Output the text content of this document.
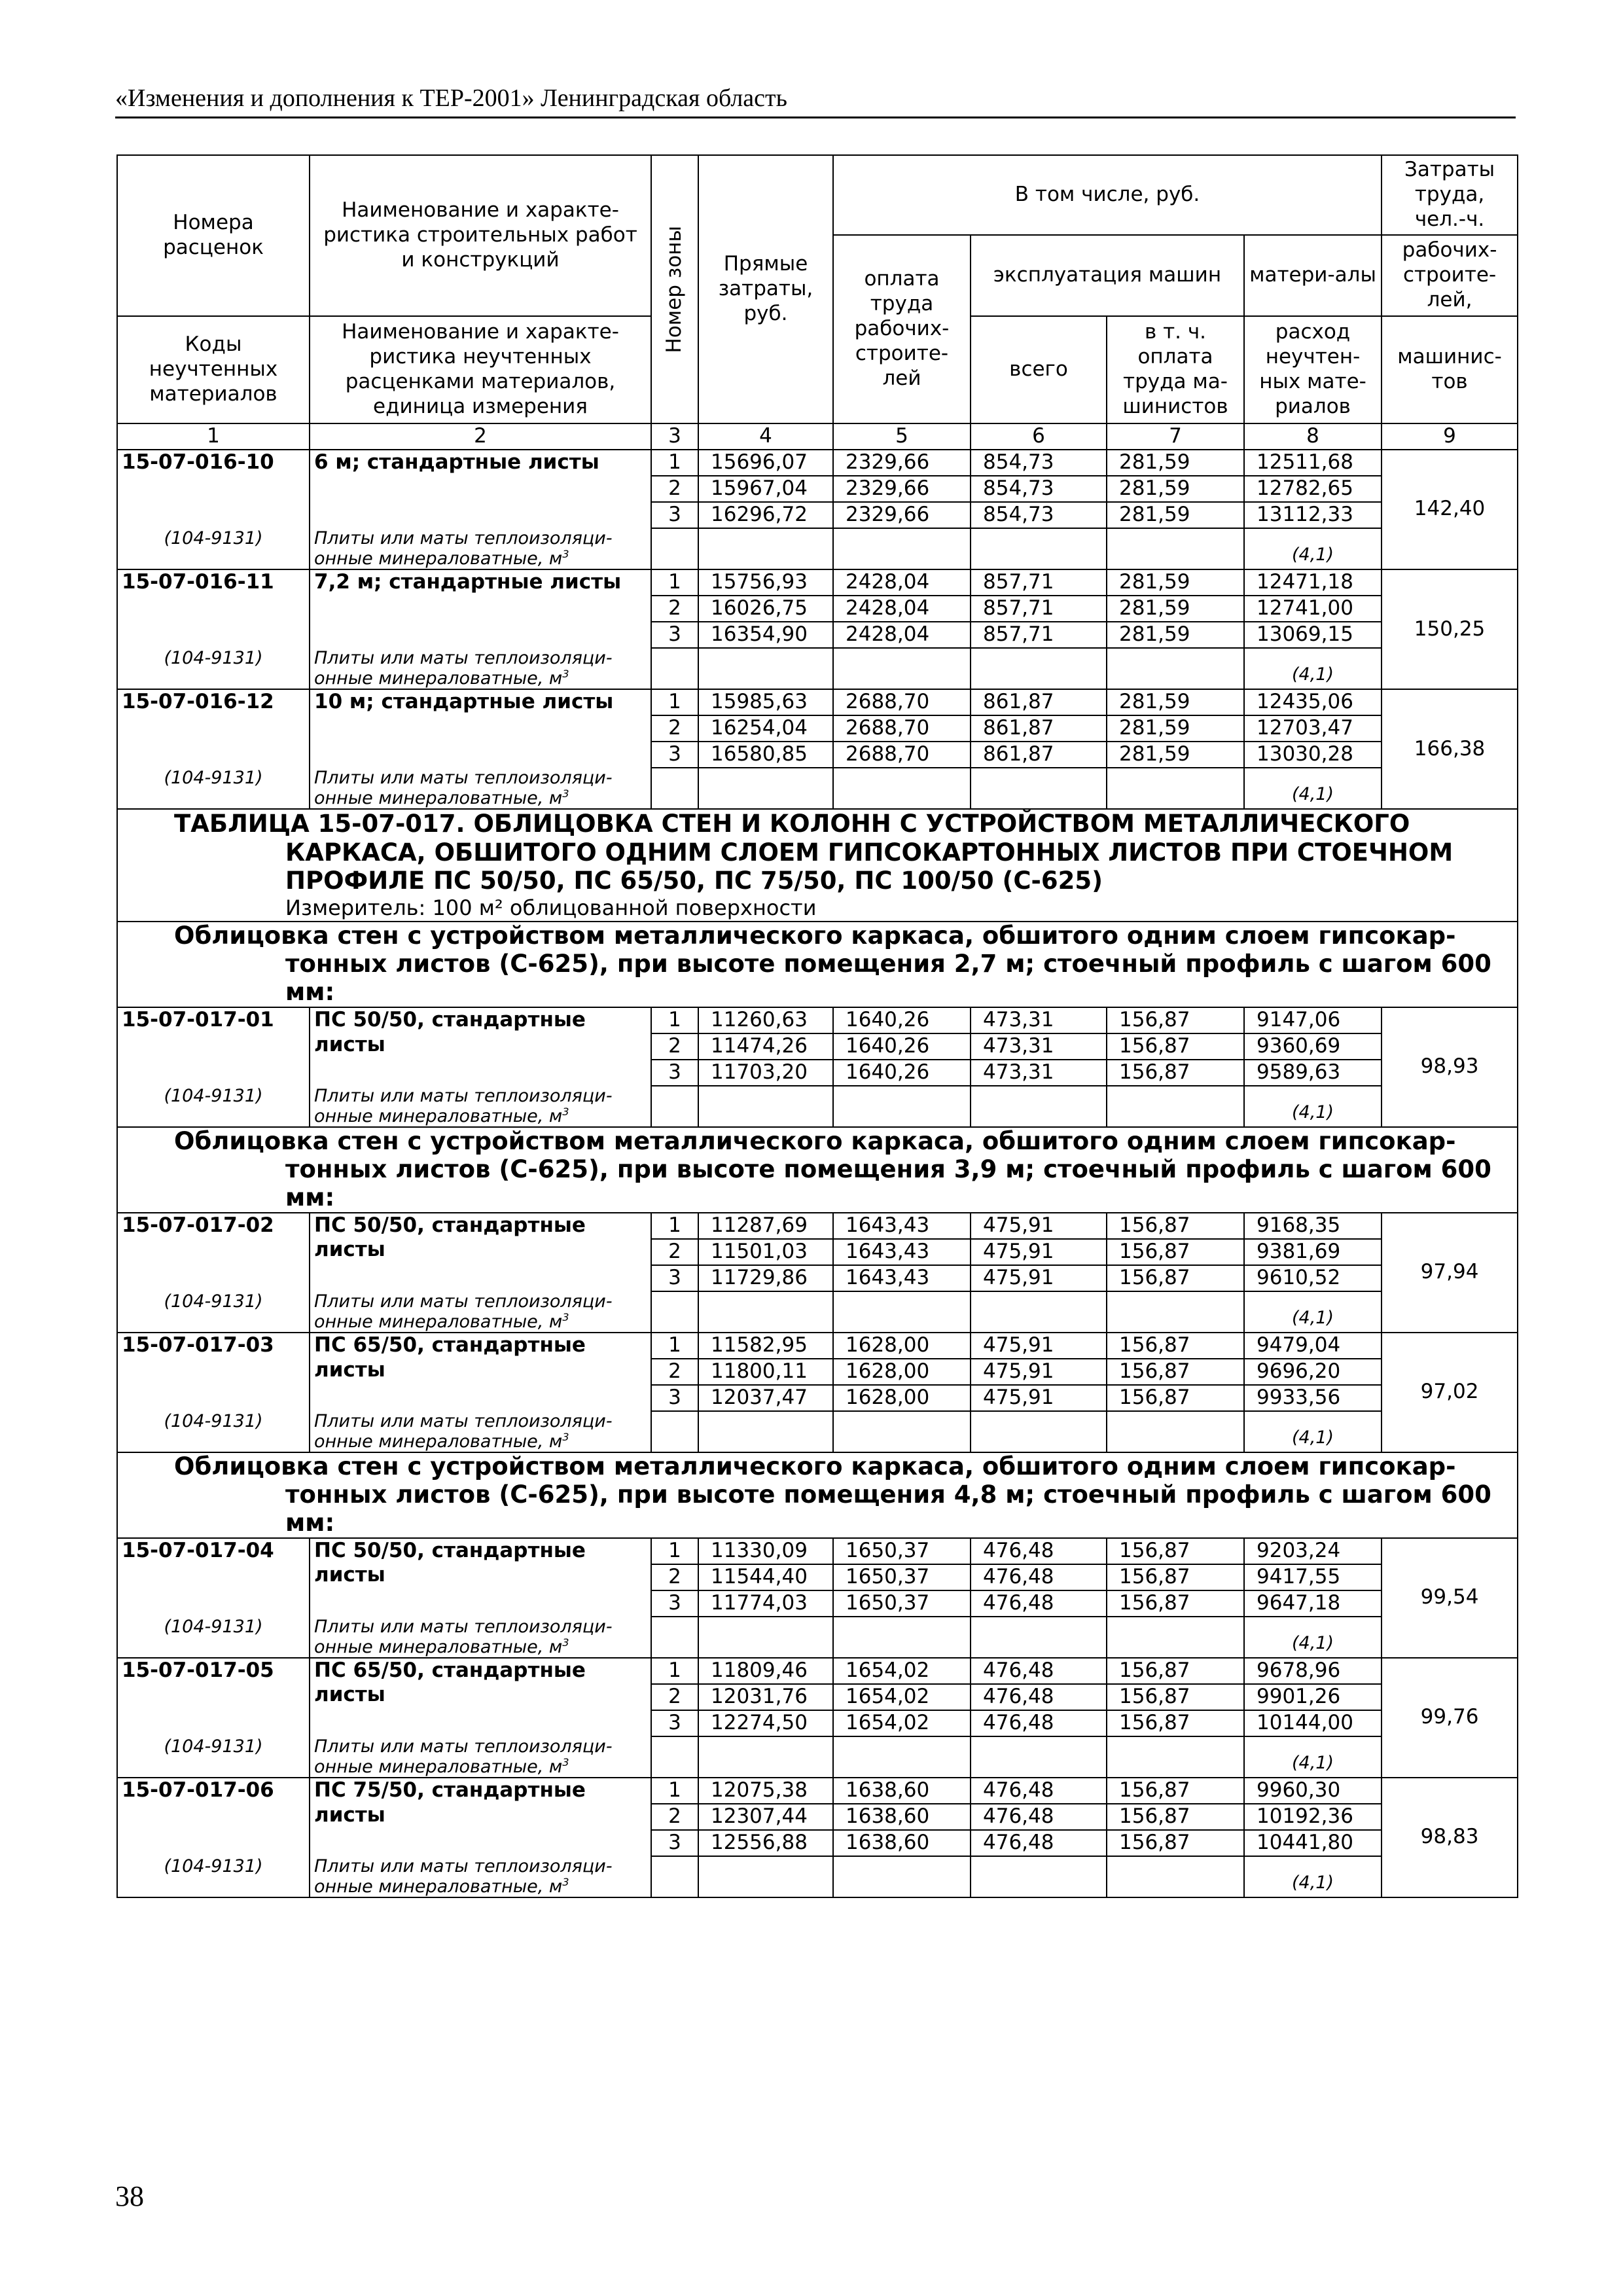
«Изменения и дополнения к ТЕР-2001» Ленинградская область
Номера расценок	Наименование и характе-ристика строительных работ и конструкций	Номер зоны	Прямые затраты, руб.	В том числе, руб.				Затраты труда, чел.-ч.
				оплата труда рабочих-строите-лей	эксплуатация машин		матери-алы	рабочих-строите-лей,
Коды неучтенных материалов	Наименование и характе-ристика неучтенных расценками материалов, единица измерения				всего	в т. ч. оплата труда ма-шинистов	расход неучтен-ных мате-риалов	машинис-тов
1	2	3	4	5	6	7	8	9
15-07-016-10	6 м; стандартные листы	1	15696,07	2329,66	854,73	281,59	12511,68	142,40
		2	15967,04	2329,66	854,73	281,59	12782,65	
		3	16296,72	2329,66	854,73	281,59	13112,33	
(104-9131)	Плиты или маты теплоизоляци-онные минераловатные, $м^3$						(4,1)	
15-07-016-11	7,2 м; стандартные листы	1	15756,93	2428,04	857,71	281,59	12471,18	150,25
		2	16026,75	2428,04	857,71	281,59	12741,00	
		3	16354,90	2428,04	857,71	281,59	13069,15	
(104-9131)	Плиты или маты теплоизоляци-онные минераловатные, $м^3$						(4,1)	
15-07-016-12	10 м; стандартные листы	1	15985,63	2688,70	861,87	281,59	12435,06	166,38
		2	16254,04	2688,70	861,87	281,59	12703,47	
		3	16580,85	2688,70	861,87	281,59	13030,28	
(104-9131)	Плиты или маты теплоизоляци-онные минераловатные, $м^3$						(4,1)	

ТАБЛИЦА 15-07-017. ОБЛИЦОВКА СТЕН И КОЛОНН С УСТРОЙСТВОМ МЕТАЛЛИЧЕСКОГО КАРКАСА, ОБШИТОГО ОДНИМ СЛОЕМ ГИПСОКАРТОННЫХ ЛИСТОВ ПРИ СТОЕЧНОМ ПРОФИЛЕ ПС 50/50, ПС 65/50, ПС 75/50, ПС 100/50 (С-625)
Измеритель: 100 м² облицованной поверхности								

Облицовка стен с устройством металлического каркаса, обшитого одним слоем гипсокар-тонных листов (С-625), при высоте помещения 2,7 м; стоечный профиль с шагом 600 мм:								

15-07-017-01	ПС 50/50, стандартные листы	1	11260,63	1640,26	473,31	156,87	9147,06	98,93
		2	11474,26	1640,26	473,31	156,87	9360,69	
		3	11703,20	1640,26	473,31	156,87	9589,63	
(104-9131)	Плиты или маты теплоизоляци-онные минераловатные, $м^3$						(4,1)	

Облицовка стен с устройством металлического каркаса, обшитого одним слоем гипсокар-тонных листов (С-625), при высоте помещения 3,9 м; стоечный профиль с шагом 600 мм:								

15-07-017-02	ПС 50/50, стандартные листы	1	11287,69	1643,43	475,91	156,87	9168,35	97,94
		2	11501,03	1643,43	475,91	156,87	9381,69	
		3	11729,86	1643,43	475,91	156,87	9610,52	
(104-9131)	Плиты или маты теплоизоляци-онные минераловатные, $м^3$						(4,1)	
15-07-017-03	ПС 65/50, стандартные листы	1	11582,95	1628,00	475,91	156,87	9479,04	97,02
		2	11800,11	1628,00	475,91	156,87	9696,20	
		3	12037,47	1628,00	475,91	156,87	9933,56	
(104-9131)	Плиты или маты теплоизоляци-онные минераловатные, $м^3$						(4,1)	

Облицовка стен с устройством металлического каркаса, обшитого одним слоем гипсокар-тонных листов (С-625), при высоте помещения 4,8 м; стоечный профиль с шагом 600 мм:								

15-07-017-04	ПС 50/50, стандартные листы	1	11330,09	1650,37	476,48	156,87	9203,24	99,54
		2	11544,40	1650,37	476,48	156,87	9417,55	
		3	11774,03	1650,37	476,48	156,87	9647,18	
(104-9131)	Плиты или маты теплоизоляци-онные минераловатные, $м^3$						(4,1)	
15-07-017-05	ПС 65/50, стандартные листы	1	11809,46	1654,02	476,48	156,87	9678,96	99,76
		2	12031,76	1654,02	476,48	156,87	9901,26	
		3	12274,50	1654,02	476,48	156,87	10144,00	
(104-9131)	Плиты или маты теплоизоляци-онные минераловатные, $м^3$						(4,1)	
15-07-017-06	ПС 75/50, стандартные листы	1	12075,38	1638,60	476,48	156,87	9960,30	98,83
		2	12307,44	1638,60	476,48	156,87	10192,36	
		3	12556,88	1638,60	476,48	156,87	10441,80	
(104-9131)	Плиты или маты теплоизоляци-онные минераловатные, $м^3$						(4,1)	
38
